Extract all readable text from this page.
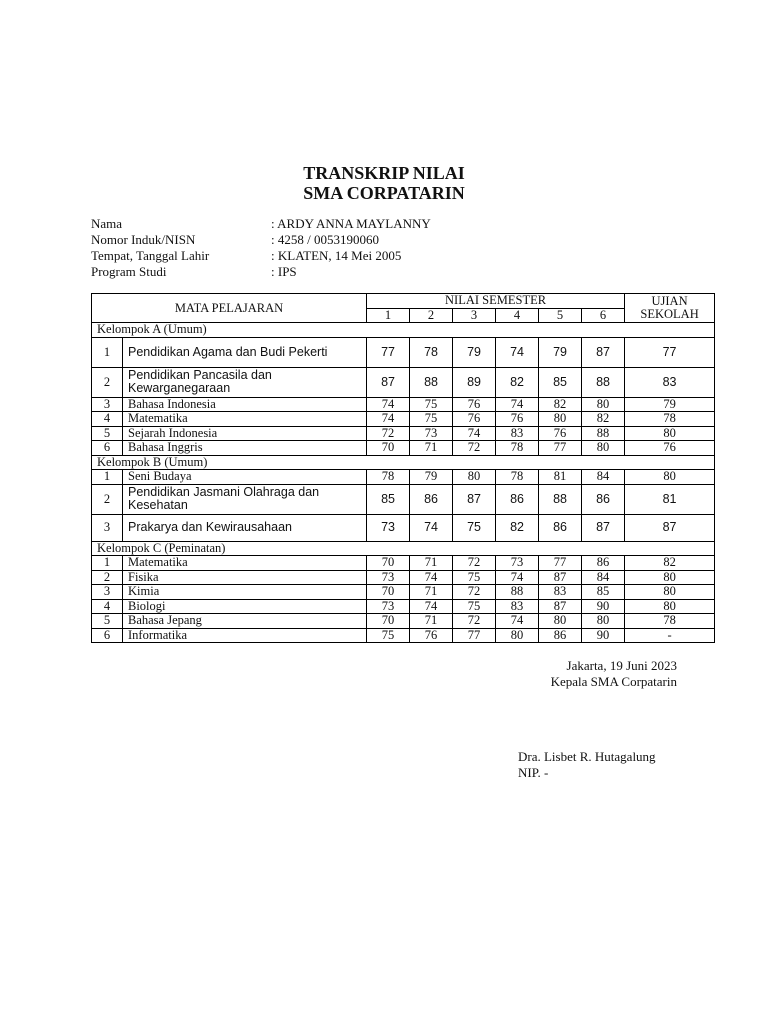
TRANSKRIP NILAI
SMA CORPATARIN
Nama	: ARDY ANNA MAYLANNY
Nomor Induk/NISN	: 4258 / 0053190060
Tempat, Tanggal Lahir	: KLATEN, 14 Mei 2005
Program Studi	: IPS
MATA PELAJARAN		NILAI SEMESTER						UJIAN SEKOLAH
		1	2	3	4	5	6	
Kelompok A (Umum)								
1	Pendidikan Agama dan Budi Pekerti	77	78	79	74	79	87	77
2	Pendidikan Pancasila dan Kewarganegaraan	87	88	89	82	85	88	83
3	Bahasa Indonesia	74	75	76	74	82	80	79
4	Matematika	74	75	76	76	80	82	78
5	Sejarah Indonesia	72	73	74	83	76	88	80
6	Bahasa Inggris	70	71	72	78	77	80	76
Kelompok B (Umum)								
1	Seni Budaya	78	79	80	78	81	84	80
2	Pendidikan Jasmani Olahraga dan Kesehatan	85	86	87	86	88	86	81
3	Prakarya dan Kewirausahaan	73	74	75	82	86	87	87
Kelompok C (Peminatan)								
1	Matematika	70	71	72	73	77	86	82
2	Fisika	73	74	75	74	87	84	80
3	Kimia	70	71	72	88	83	85	80
4	Biologi	73	74	75	83	87	90	80
5	Bahasa Jepang	70	71	72	74	80	80	78
6	Informatika	75	76	77	80	86	90	-
Jakarta, 19 Juni 2023
Kepala SMA Corpatarin
Dra. Lisbet R. Hutagalung
NIP. -
